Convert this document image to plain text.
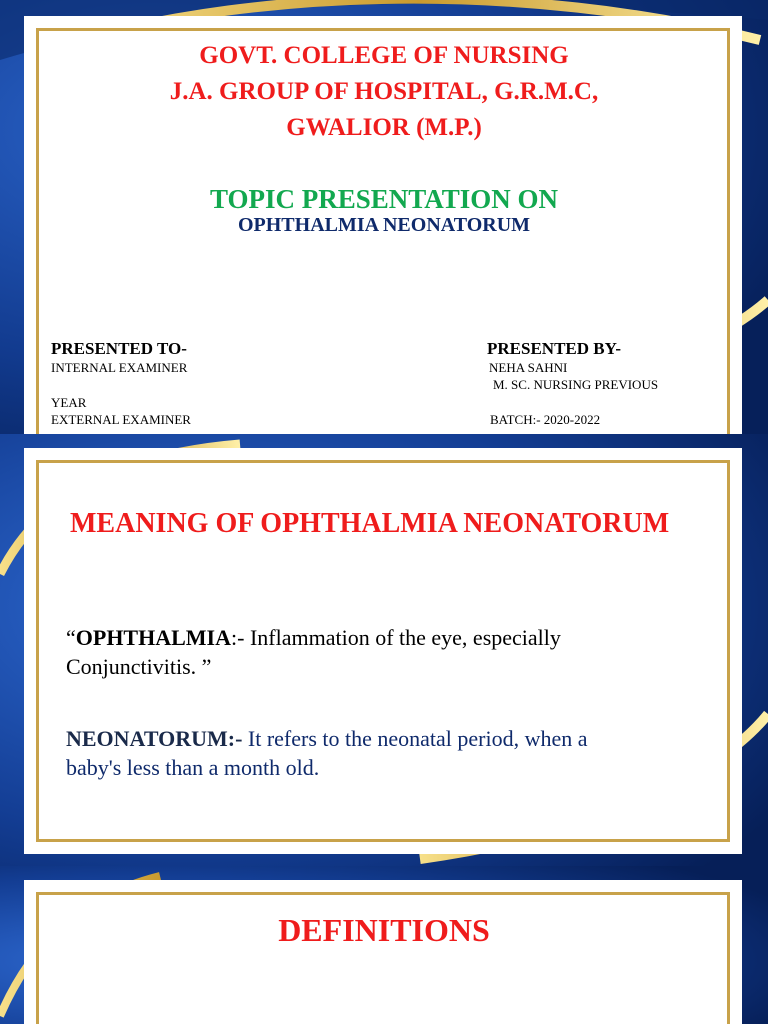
GOVT. COLLEGE OF NURSING
J.A. GROUP OF HOSPITAL, G.R.M.C,
GWALIOR (M.P.)
TOPIC PRESENTATION ON
OPHTHALMIA NEONATORUM
PRESENTED TO-
INTERNAL EXAMINER
YEAR
EXTERNAL EXAMINER
PRESENTED BY-
NEHA SAHNI
M. SC. NURSING PREVIOUS
BATCH:- 2020-2022
MEANING OF OPHTHALMIA NEONATORUM
“OPHTHALMIA:- Inflammation of the eye, especially
Conjunctivitis. ”
NEONATORUM:- It refers to the neonatal period, when a
baby's less than a month old.
DEFINITIONS
